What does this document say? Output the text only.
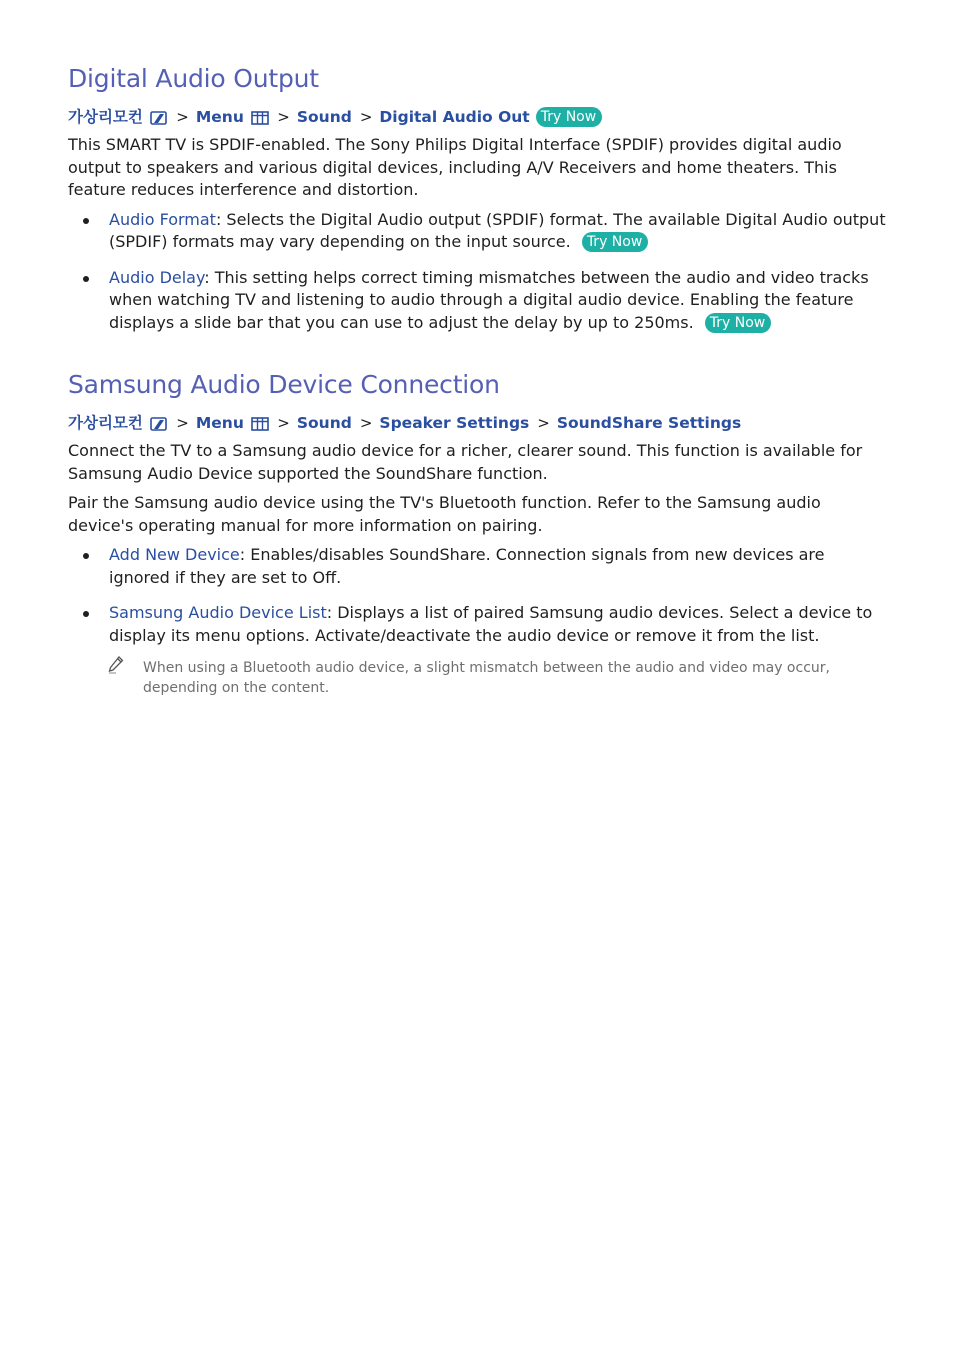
Digital Audio Output
가상리모컨	> Menu	> Sound > Digital Audio Out Try Now

This SMART TV is SPDIF-enabled. The Sony Philips Digital Interface (SPDIF) provides digital audio output to speakers and various digital devices, including A/V Receivers and home theaters. This feature reduces interference and distortion.

Audio Format: Selects the Digital Audio output (SPDIF) format. The available Digital Audio output (SPDIF) formats may vary depending on the input source. Try Now
Audio Delay: This setting helps correct timing mismatches between the audio and video tracks when watching TV and listening to audio through a digital audio device. Enabling the feature displays a slide bar that you can use to adjust the delay by up to 250ms. Try Now
Samsung Audio Device Connection
가상리모컨	> Menu	> Sound > Speaker Settings > SoundShare Settings

Connect the TV to a Samsung audio device for a richer, clearer sound. This function is available for Samsung Audio Device supported the SoundShare function.

Pair the Samsung audio device using the TV's Bluetooth function. Refer to the Samsung audio device's operating manual for more information on pairing.

Add New Device: Enables/disables SoundShare. Connection signals from new devices are ignored if they are set to Off.
Samsung Audio Device List: Displays a list of paired Samsung audio devices. Select a device to display its menu options. Activate/deactivate the audio device or remove it from the list.
When using a Bluetooth audio device, a slight mismatch between the audio and video may occur, depending on the content.
